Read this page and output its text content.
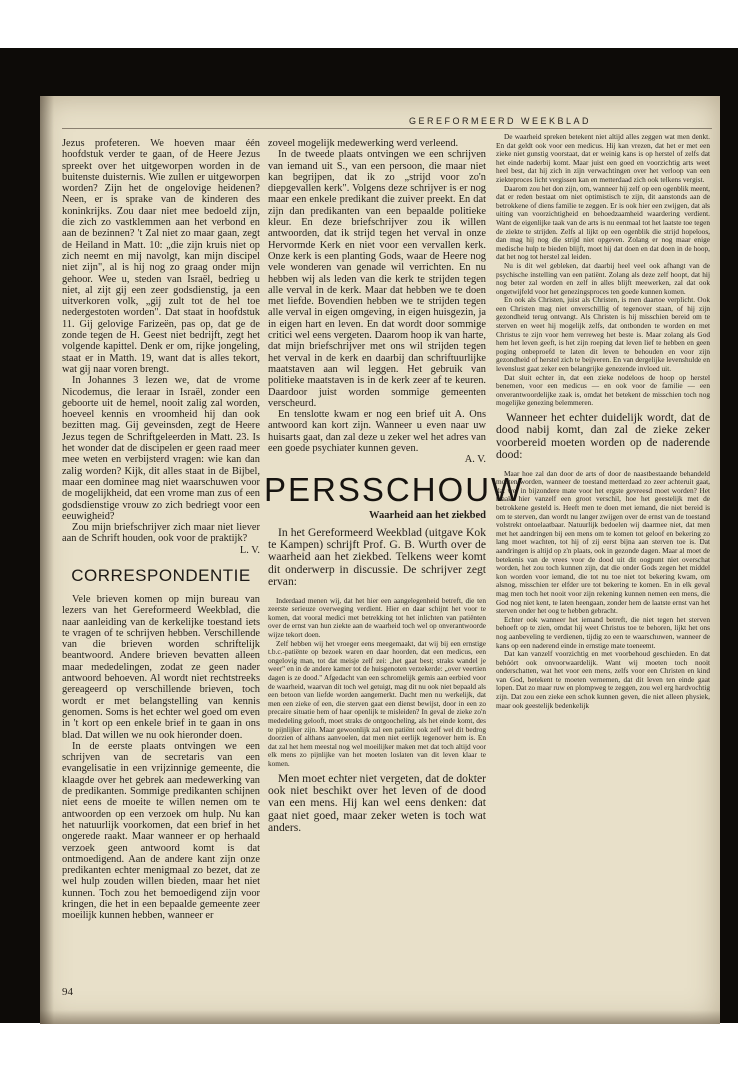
GEREFORMEERD WEEKBLAD

Jezus profeteren. We hoeven maar één hoofdstuk verder te gaan, of de Heere Jezus spreekt over het uitgeworpen worden in de buitenste duisternis. Wie zullen er uitgeworpen worden? Zijn het de ongelovige heidenen? Neen, er is sprake van de kinderen des koninkrijks. Zou daar niet mee bedoeld zijn, die zich zo vastklemmen aan het verbond en aan de bezinnen? 't Zal niet zo maar gaan, zegt de Heiland in Matt. 10: „die zijn kruis niet op zich neemt en mij navolgt, kan mijn discipel niet zijn", al is hij nog zo graag onder mijn gehoor. Wee u, steden van Israël, bedrieg u niet, al zijt gij een zeer godsdienstig, ja een uitverkoren volk, „gij zult tot de hel toe nedergestoten worden". Dat staat in hoofdstuk 11. Gij gelovige Farizeën, pas op, dat ge de zonde tegen de H. Geest niet bedrijft, zegt het volgende kapittel. Denk er om, rijke jongeling, staat er in Matth. 19, want dat is alles tekort, wat gij naar voren brengt.

In Johannes 3 lezen we, dat de vrome Nicodemus, die leraar in Israël, zonder een geboorte uit de hemel, nooit zalig zal worden, hoeveel kennis en vroomheid hij dan ook bezitten mag. Gij geveinsden, zegt de Heere Jezus tegen de Schriftgeleerden in Matt. 23. Is het wonder dat de discipelen er geen raad meer mee weten en verbijsterd vragen: wie kan dan zalig worden? Kijk, dit alles staat in de Bijbel, maar een dominee mag niet waarschuwen voor de mogelijkheid, dat een vrome man zus of een godsdienstige vrouw zo zich bedriegt voor een eeuwigheid?

Zou mijn briefschrijver zich maar niet liever aan de Schrift houden, ook voor de praktijk?

L. V.

CORRESPONDENTIE

Vele brieven komen op mijn bureau van lezers van het Gereformeerd Weekblad, die naar aanleiding van de kerkelijke toestand iets te vragen of te schrijven hebben. Verschillende van die brieven worden schriftelijk beantwoord. Andere brieven bevatten alleen maar mededelingen, zodat ze geen nader antwoord behoeven. Al wordt niet rechtstreeks gereageerd op verschillende brieven, toch wordt er met belangstelling van kennis genomen. Soms is het echter wel goed om even in 't kort op een enkele brief in te gaan in ons blad. Dat willen we nu ook hieronder doen.

In de eerste plaats ontvingen we een schrijven van de secretaris van een evangelisatie in een vrijzinnige gemeente, die klaagde over het gebrek aan medewerking van de predikanten. Sommige predikanten schijnen niet eens de moeite te willen nemen om te antwoorden op een verzoek om hulp. Nu kan het natuurlijk voorkomen, dat een brief in het ongerede raakt. Maar wanneer er op herhaald verzoek geen antwoord komt is dat ontmoedigend. Aan de andere kant zijn onze predikanten echter menigmaal zo bezet, dat ze wel hulp zouden willen bieden, maar het niet kunnen. Toch zou het bemoedigend zijn voor kringen, die het in een bepaalde gemeente zeer moeilijk kunnen hebben, wanneer er

zoveel mogelijk medewerking werd verleend.

In de tweede plaats ontvingen we een schrijven van iemand uit S., van een persoon, die maar niet kan begrijpen, dat ik zo „strijd voor zo'n diepgevallen kerk". Volgens deze schrijver is er nog maar een enkele predikant die zuiver preekt. En dat zijn dan predikanten van een bepaalde politieke kleur. En deze briefschrijver zou ik willen antwoorden, dat ik strijd tegen het verval in onze Hervormde Kerk en niet voor een vervallen kerk. Onze kerk is een planting Gods, waar de Heere nog vele wonderen van genade wil verrichten. En nu hebben wij als leden van die kerk te strijden tegen alle verval in de kerk. Maar dat hebben we te doen met liefde. Bovendien hebben we te strijden tegen alle verval in eigen omgeving, in eigen huisgezin, ja in eigen hart en leven. En dat wordt door sommige critici wel eens vergeten. Daarom hoop ik van harte, dat mijn briefschrijver met ons wil strijden tegen het verval in de kerk en daarbij dan schriftuurlijke maatstaven aan wil leggen. Het gebruik van politieke maatstaven is in de kerk zeer af te keuren. Daardoor juist worden sommige gemeenten verscheurd.

En tenslotte kwam er nog een brief uit A. Ons antwoord kan kort zijn. Wanneer u even naar uw huisarts gaat, dan zal deze u zeker wel het adres van een goede psychiater kunnen geven.

A. V.

PERSSCHOUW
Waarheid aan het ziekbed

In het Gereformeerd Weekblad (uitgave Kok te Kampen) schrijft Prof. G. B. Wurth over de waarheid aan het ziekbed. Telkens weer komt dit onderwerp in discussie. De schrijver zegt ervan:

Inderdaad menen wij, dat het hier een aangelegenheid betreft, die ten zeerste serieuze overweging verdient. Hier en daar schijnt het voor te komen, dat vooral medici met betrekking tot het inlichten van patiënten over de ernst van hun ziekte aan de waarheid toch wel op onverantwoorde wijze tekort doen.

Zelf hebben wij het vroeger eens meegemaakt, dat wij bij een ernstige t.b.c.-patiënte op bezoek waren en daar hoorden, dat een medicus, een ongelovig man, tot dat meisje zelf zei: „het gaat best; straks wandel je weer" en in de andere kamer tot de huisgenoten verzekerde: „over veertien dagen is ze dood." Afgedacht van een schromelijk gemis aan eerbied voor de waarheid, waarvan dit toch wel getuigt, mag dit nu ook niet bepaald als een betoon van liefde worden aangemerkt. Dacht men nu werkelijk, dat men een zieke of een, die sterven gaat een dienst bewijst, door in een zo precaire situatie hem of haar openlijk te misleiden? In geval de zieke zo'n mededeling gelooft, moet straks de ontgoocheling, als het einde komt, des te pijnlijker zijn. Maar gewoonlijk zal een patiënt ook zelf wel dit bedrog doorzien of althans aanvoelen, dat men niet eerlijk tegenover hem is. En dat zal het hem meestal nog wel moeilijker maken met dat toch altijd voor elk mens zo pijnlijke van het moeten loslaten van dit leven klaar te komen.

Men moet echter niet vergeten, dat de dokter ook niet beschikt over het leven of de dood van een mens. Hij kan wel eens denken: dat gaat niet goed, maar zeker weten is toch wat anders.

De waarheid spreken betekent niet altijd alles zeggen wat men denkt. En dat geldt ook voor een medicus. Hij kan vrezen, dat het er met een zieke niet gunstig voorstaat, dat er weinig kans is op herstel of zelfs dat het einde naderbij komt. Maar juist een goed en voorzichtig arts weet heel best, dat hij zich in zijn verwachtingen over het verloop van een ziekteproces licht vergissen kan en metterdaad zich ook telkens vergist.

Daarom zou het don zijn, om, wanneer hij zelf op een ogenblik meent, dat er reden bestaat om niet optimistisch te zijn, dit aanstonds aan de betrokkene of diens familie te zeggen. Er is ook hier een zwijgen, dat als uiting van voorzichtigheid en behoedzaamheid waardering verdient. Want de eigenlijke taak van de arts is nu eenmaal tot het laatste toe tegen de ziekte te strijden. Zelfs al lijkt op een ogenblik die strijd hopeloos, dan mag hij nog die strijd niet opgeven. Zolang er nog maar enige medische hulp te bieden blijft, moet hij dat doen en dat doen in de hoop, dat het nog tot herstel zal leiden.

Nu is dit wel gebleken, dat daarbij heel veel ook afhangt van de psychische instelling van een patiënt. Zolang als deze zelf hoopt, dat hij nog beter zal worden en zelf in alles blijft meewerken, zal dat ook ongetwijfeld voor het genezingsproces ten goede kunnen komen.

En ook als Christen, juist als Christen, is men daartoe verplicht. Ook een Christen mag niet onverschillig of tegenover staan, of hij zijn gezondheid terug ontvangt. Als Christen is hij misschien bereid om te sterven en weet hij mogelijk zelfs, dat ontbonden te worden en met Christus te zijn voor hem verreweg het beste is. Maar zolang als God hem het leven geeft, is het zijn roeping dat leven lief te hebben en geen poging onbeproefd te laten dit leven te behouden en voor zijn gezondheid of herstel zich te beijveren. En van dergelijke levenshulde en levenslust gaat zeker een belangrijke genezende invloed uit.

Dat sluit echter in, dat een zieke nodeloos de hoop op herstel benemen, voor een medicus — en ook voor de familie — een onverantwoordelijke zaak is, omdat het betekent de misschien toch nog mogelijke genezing belemmeren.

Wanneer het echter duidelijk wordt, dat de dood nabij komt, dan zal de zieke zeker voorbereid moeten worden op de naderende dood:

Maar hoe zal dan door de arts of door de naastbestaande behandeld moeten worden, wanneer de toestand metterdaad zo zeer achteruit gaat, dat wel in bijzondere mate voor het ergste gevreesd moet worden? Het maakt hier vanzelf een groot verschil, hoe het geestelijk met de betrokkene gesteld is. Heeft men te doen met iemand, die niet bereid is om te sterven, dan wordt nu langer zwijgen over de ernst van de toestand volstrekt ontoelaatbaar. Natuurlijk bedoelen wij daarmee niet, dat men met het aandringen bij een mens om te komen tot geloof en bekering zo lang moet wachten, tot hij of zij eerst bijna aan sterven toe is. Dat aandringen is altijd op z'n plaats, ook in gezonde dagen. Maar al moet de betekenis van de vrees voor de dood uit dit oogpunt niet overschat worden, het zou toch kunnen zijn, dat die onder Gods zegen het middel kon worden voor iemand, die tot nu toe niet tot bekering kwam, om alsnog, misschien ter elfder ure tot bekering te komen. En in elk geval mag men toch het nooit voor zijn rekening kunnen nemen een mens, die God nog niet kent, te laten heengaan, zonder hem de laatste ernst van het sterven onder het oog te hebben gebracht.

Echter ook wanneer het iemand betreft, die niet tegen het sterven behoeft op te zien, omdat hij weet Christus toe te behoren, lijkt het ons nog aanbeveling te verdienen, tijdig zo een te waarschuwen, wanneer de kans op een naderend einde in ernstige mate toeneemt.

Dat kan vanzelf voorzichtig en met voorbehoud geschieden. En dat behóórt ook onvoorwaardelijk. Want wij moeten toch nooit onderschatten, wat het voor een mens, zelfs voor een Christen en kind van God, betekent te moeten vernemen, dat dit leven ten einde gaat lopen. Dat zo maar ruw en plompweg te zeggen, zou wel erg hardvochtig zijn. Dat zou een zieke een schok kunnen geven, die niet alleen physiek, maar ook geestelijk bedenkelijk

94
